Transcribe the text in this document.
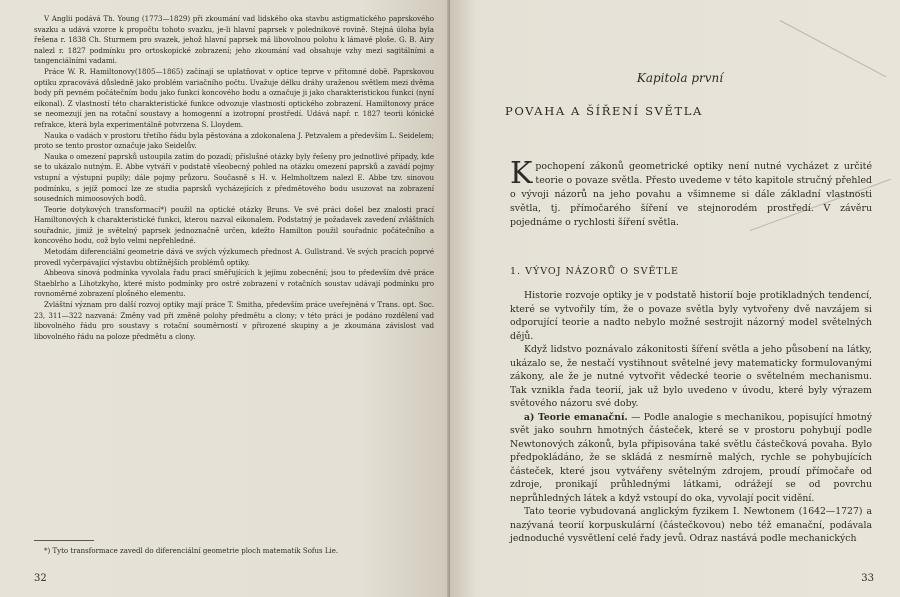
V Anglii podává Th. Young (1773—1829) při zkoumání vad lidského oka stavbu astigmatického paprskového svazku a udává vzorce k propočtu tohoto svazku, je-li hlavní paprsek v polednikové rovině. Stejná úloha byla řešena r. 1838 Ch. Sturmem pro svazek, jehož hlavní paprsek má libovolnou polohu k lámavé ploše. G. B. Airy nalezl r. 1827 podmínku pro ortoskopické zobrazení; jeho zkoumání vad obsahuje vzhy mezi sagitálními a tangenciálními vadami.

Práce W. R. Hamiltonovy(1805—1865) začínají se uplatňovat v optice teprve v přítomné době. Paprskovou optiku zpracovává důsledně jako problém variačního počtu. Uvažuje délku dráhy uraženou světlem mezi dvěma body při pevném počátečním bodu jako funkci koncového bodu a označuje ji jako charakteristickou funkci (nyní eikonal). Z vlastností této charakteristické funkce odvozuje vlastnosti optického zobrazení. Hamiltonovy práce se neomezují jen na rotační soustavy a homogenní a izotropní prostředí. Udává např. r. 1827 teorii kónické refrakce, která byla experimentálně potvrzena S. Lloydem.

Nauka o vadách v prostoru třetího řádu byla pěstována a zdokonalena J. Petzvalem a především L. Seidelem; proto se tento prostor označuje jako Seidelův.

Nauka o omezení paprsků ustoupila zatím do pozadí; příslušné otázky byly řešeny pro jednotlivé případy, kde se to ukázalo nutným. E. Abbe vytváří v podstatě všeobecný pohled na otázku omezení paprsků a zavádí pojmy vstupní a výstupní pupily; dále pojmy průzoru. Současně s H. v. Helmholtzem nalezl E. Abbe tzv. sinovou podmínku, s jejíž pomocí lze ze studia paprsků vycházejících z předmětového bodu usuzovat na zobrazení sousedních mimoosových bodů.

Teorie dotykových transformací*) použil na optické otázky Bruns. Ve své práci došel bez znalosti prací Hamiltonových k charakteristické funkci, kterou nazval eikonalem. Podstatný je požadavek zavedení zvláštních souřadnic, jimiž je světelný paprsek jednoznačně určen, kdežto Hamilton použil souřadnic počátečního a koncového bodu, což bylo velmi nepřehledné.

Metodám diferenciální geometrie dává ve svých výzkumech přednost A. Gullstrand. Ve svých pracích poprvé provedl vyčerpávající výstavbu obtížnějších problémů optiky.

Abbeova sinová podmínka vyvolala řadu prací směřujících k jejímu zobecnění; jsou to především dvě práce Staeblrho a Lihotzkyho, které místo podmínky pro ostré zobrazení v rotačních soustav udávají podmínku pro rovnoměrné zobrazení plošného elementu.

Zvláštní význam pro další rozvoj optiky mají práce T. Smitha, především práce uveřejněná v Trans. opt. Soc. 23, 311—322 nazvaná: Změny vad při změně polohy předmětu a clony; v této práci je podáno rozdělení vad libovolného řádu pro soustavy s rotační souměrností v přirozené skupiny a je zkoumána závislost vad libovolného řádu na poloze předmětu a clony.

*) Tyto transformace zavedl do diferenciální geometrie ploch matematik Sofus Lie.
32
Kapitola první
POVAHA A ŠÍŘENÍ SVĚTLA
K pochopení zákonů geometrické optiky není nutné vycházet z určité teorie o povaze světla. Přesto uvedeme v této kapitole stručný přehled o vývoji názorů na jeho povahu a všimneme si dále základní vlastnosti světla, tj. přímočarého šíření ve stejnorodém prostředí. V závěru pojednáme o rychlosti šíření světla.
1. VÝVOJ NÁZORŮ O SVĚTLE

Historie rozvoje optiky je v podstatě historií boje protikladných tendencí, které se vytvořily tím, že o povaze světla byly vytvořeny dvě navzájem si odporující teorie a nadto nebylo možné sestrojit názorný model světelných dějů.

Když lidstvo poznávalo zákonitosti šíření světla a jeho působení na látky, ukázalo se, že nestačí vystihnout světelné jevy matematicky formulovanými zákony, ale že je nutné vytvořit vědecké teorie o světelném mechanismu. Tak vznikla řada teorií, jak už bylo uvedeno v úvodu, které byly výrazem světového názoru své doby.

a) Teorie emanační. — Podle analogie s mechanikou, popisující hmotný svět jako souhrn hmotných částeček, které se v prostoru pohybují podle Newtonových zákonů, byla připisována také světlu částečková povaha. Bylo předpokládáno, že se skládá z nesmírně malých, rychle se pohybujících částeček, které jsou vytvářeny světelným zdrojem, proudí přímočaře od zdroje, pronikají průhlednými látkami, odrážejí se od povrchu neprůhledných látek a když vstoupí do oka, vyvolají pocit vidění.

Tato teorie vybudovaná anglickým fyzikem I. Newtonem (1642—1727) a nazývaná teorií korpuskulární (částečkovou) nebo též emanační, podávala jednoduché vysvětlení celé řady jevů. Odraz nastává podle mechanických

33
